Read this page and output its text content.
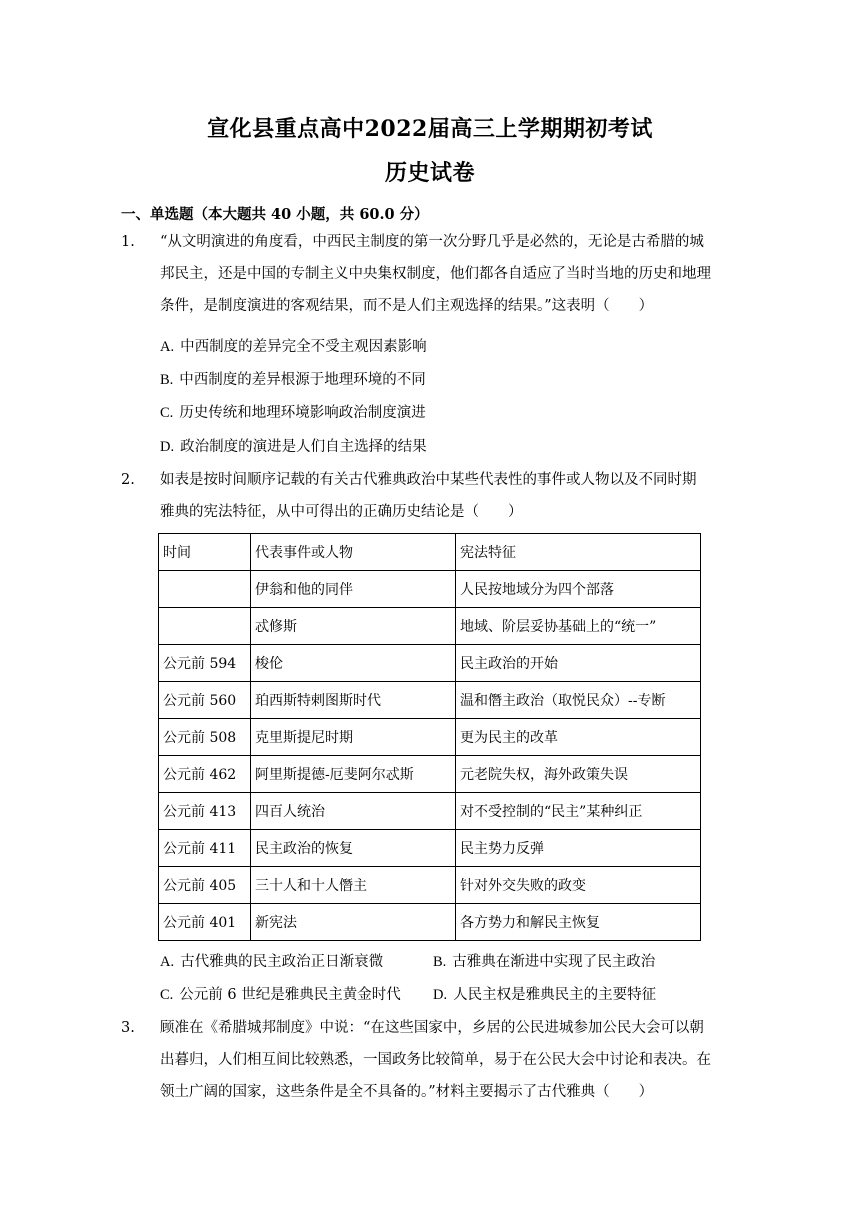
宣化县重点高中2022届高三上学期期初考试
历史试卷
一、单选题（本大题共 40 小题，共 60.0 分）
1. “从文明演进的角度看，中西民主制度的第一次分野几乎是必然的，无论是古希腊的城
邦民主，还是中国的专制主义中央集权制度，他们都各自适应了当时当地的历史和地理
条件，是制度演进的客观结果，而不是人们主观选择的结果。”这表明（　　）
A. 中西制度的差异完全不受主观因素影响
B. 中西制度的差异根源于地理环境的不同
C. 历史传统和地理环境影响政治制度演进
D. 政治制度的演进是人们自主选择的结果
2. 如表是按时间顺序记载的有关古代雅典政治中某些代表性的事件或人物以及不同时期
雅典的宪法特征，从中可得出的正确历史结论是（　　）
时间	代表事件或人物	宪法特征
	伊翁和他的同伴	人民按地域分为四个部落
	忒修斯	地域、阶层妥协基础上的“统一”
公元前 594	梭伦	民主政治的开始
公元前 560	珀西斯特剌图斯时代	温和僭主政治（取悦民众）--专断
公元前 508	克里斯提尼时期	更为民主的改革
公元前 462	阿里斯提德-厄斐阿尔忒斯	元老院失权，海外政策失误
公元前 413	四百人统治	对不受控制的“民主”某种纠正
公元前 411	民主政治的恢复	民主势力反弹
公元前 405	三十人和十人僭主	针对外交失败的政变
公元前 401	新宪法	各方势力和解民主恢复
A. 古代雅典的民主政治正日渐衰微	B. 古雅典在渐进中实现了民主政治
C. 公元前 6 世纪是雅典民主黄金时代 D. 人民主权是雅典民主的主要特征
3. 顾准在《希腊城邦制度》中说：“在这些国家中，乡居的公民进城参加公民大会可以朝
出暮归，人们相互间比较熟悉，一国政务比较简单，易于在公民大会中讨论和表决。在
领土广阔的国家，这些条件是全不具备的。”材料主要揭示了古代雅典（　　）
